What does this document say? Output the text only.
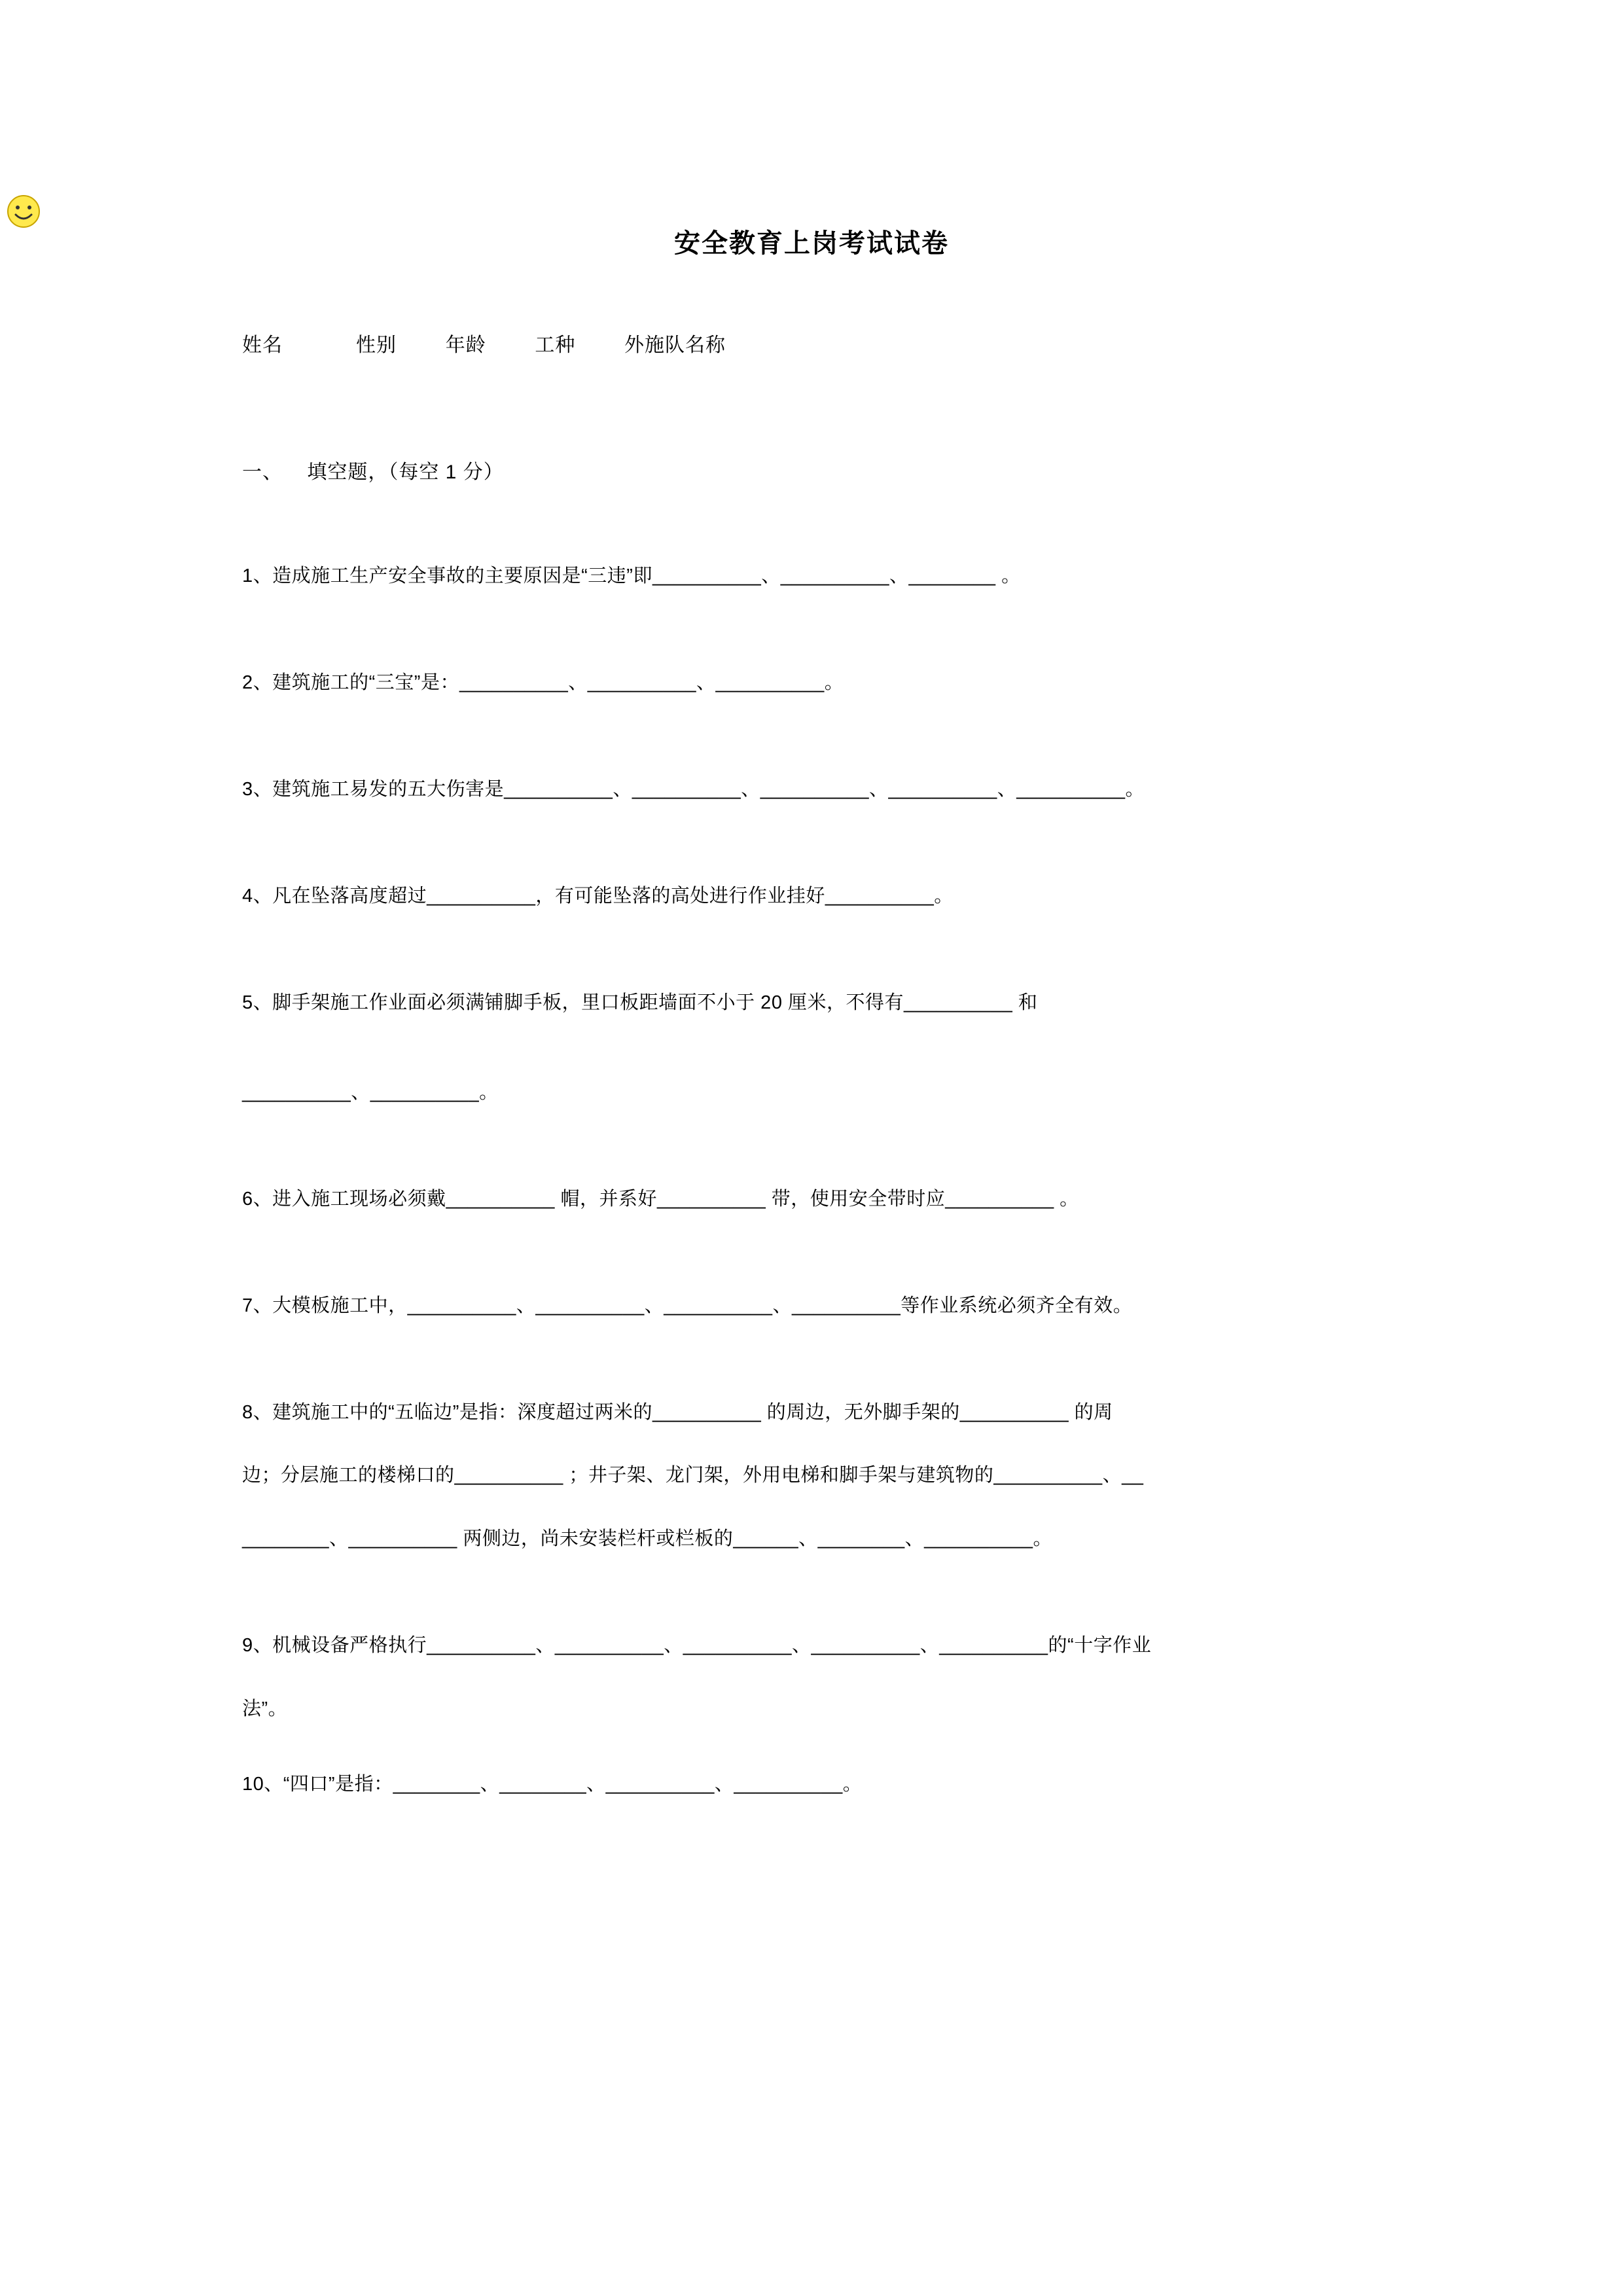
安全教育上岗考试试卷
姓名            性别        年龄        工种        外施队名称
一、    填空题，（每空 1 分）
1、造成施工生产安全事故的主要原因是“三违”即__________、__________、________ 。
2、建筑施工的“三宝”是：__________、__________、__________。
3、建筑施工易发的五大伤害是__________、__________、__________、__________、__________。
4、凡在坠落高度超过__________，有可能坠落的高处进行作业挂好__________。
5、脚手架施工作业面必须满铺脚手板，里口板距墙面不小于 20 厘米，不得有__________ 和
__________、__________。
6、进入施工现场必须戴__________ 帽，并系好__________ 带，使用安全带时应__________ 。
7、大模板施工中，__________、__________、__________、__________等作业系统必须齐全有效。
8、建筑施工中的“五临边”是指：深度超过两米的__________ 的周边，无外脚手架的__________ 的周
边；分层施工的楼梯口的__________ ；井子架、龙门架，外用电梯和脚手架与建筑物的__________、__
________、__________ 两侧边，尚未安装栏杆或栏板的______、________、__________。
9、机械设备严格执行__________、__________、__________、__________、__________的“十字作业
法”。
10、“四口”是指：________、________、__________、__________。
